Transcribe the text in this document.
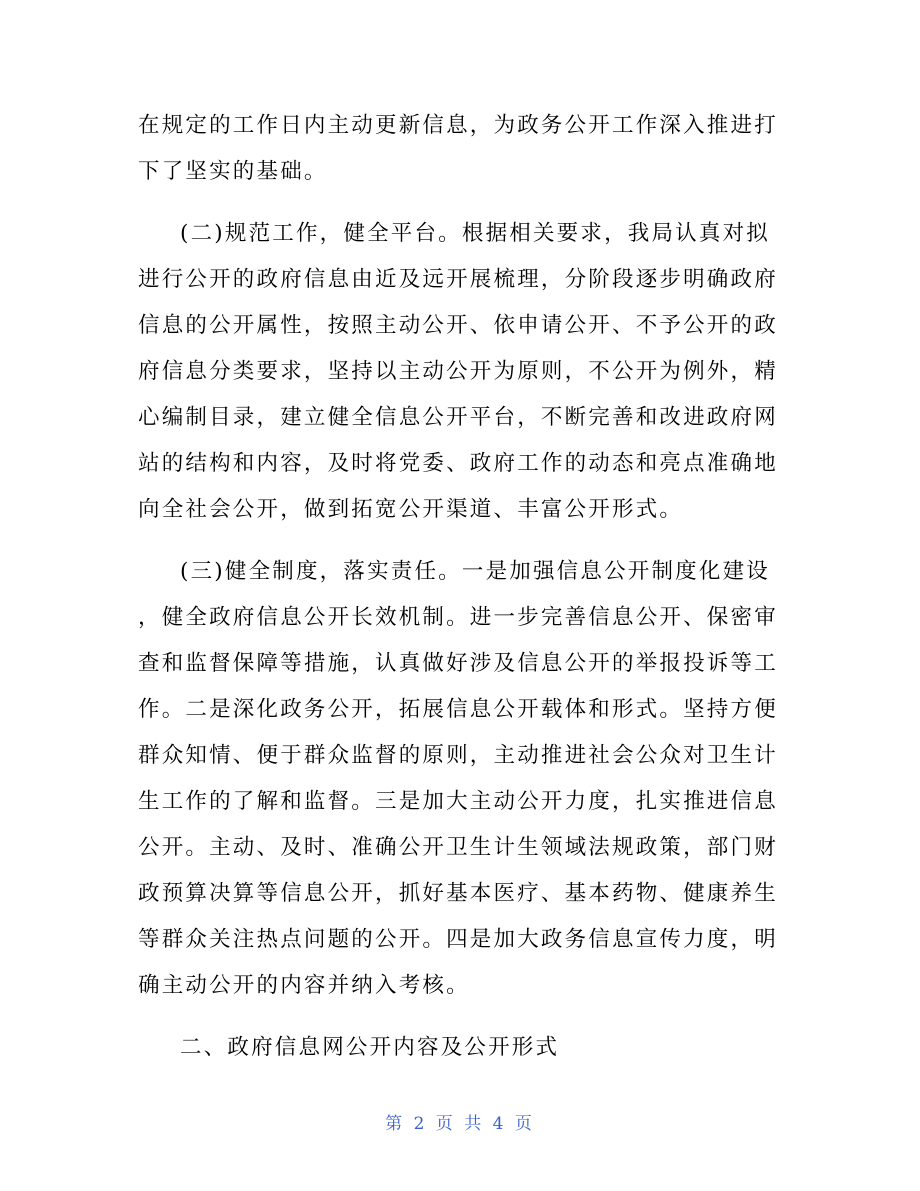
在规定的工作日内主动更新信息，为政务公开工作深入推进打
下了坚实的基础。
(二)规范工作，健全平台。根据相关要求，我局认真对拟
进行公开的政府信息由近及远开展梳理，分阶段逐步明确政府
信息的公开属性，按照主动公开、依申请公开、不予公开的政
府信息分类要求，坚持以主动公开为原则，不公开为例外，精
心编制目录，建立健全信息公开平台，不断完善和改进政府网
站的结构和内容，及时将党委、政府工作的动态和亮点准确地
向全社会公开，做到拓宽公开渠道、丰富公开形式。
(三)健全制度，落实责任。一是加强信息公开制度化建设
，健全政府信息公开长效机制。进一步完善信息公开、保密审
查和监督保障等措施，认真做好涉及信息公开的举报投诉等工
作。二是深化政务公开，拓展信息公开载体和形式。坚持方便
群众知情、便于群众监督的原则，主动推进社会公众对卫生计
生工作的了解和监督。三是加大主动公开力度，扎实推进信息
公开。主动、及时、准确公开卫生计生领域法规政策，部门财
政预算决算等信息公开，抓好基本医疗、基本药物、健康养生
等群众关注热点问题的公开。四是加大政务信息宣传力度，明
确主动公开的内容并纳入考核。
二、政府信息网公开内容及公开形式
第 2 页 共 4 页
